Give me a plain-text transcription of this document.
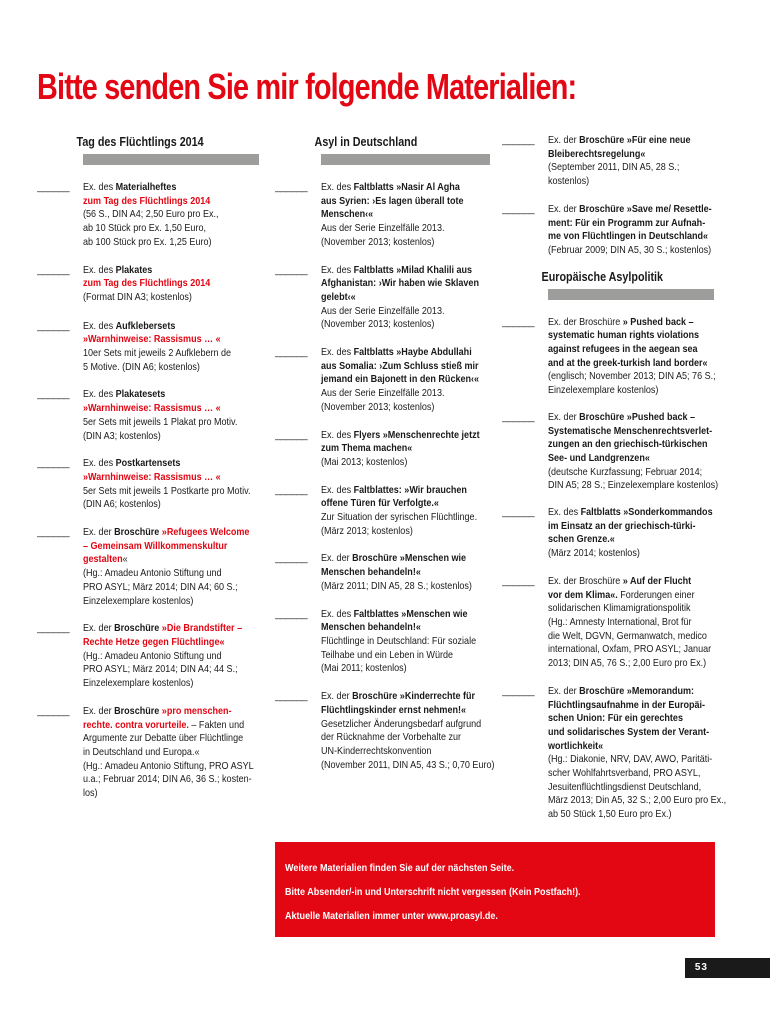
Bitte senden Sie mir folgende Materialien:
Tag des Flüchtlings 2014
______	Ex. des Materialheftes
zum Tag des Flüchtlings 2014
(56 S., DIN A4; 2,50 Euro pro Ex.,
ab 10 Stück pro Ex. 1,50 Euro,
ab 100 Stück pro Ex. 1,25 Euro)
______	Ex. des Plakates
zum Tag des Flüchtlings 2014
(Format DIN A3; kostenlos)
______	Ex. des Aufklebersets
»Warnhinweise: Rassismus … «
10er Sets mit jeweils 2 Aufklebern de
5 Motive. (DIN A6; kostenlos)
______	Ex. des Plakatesets
»Warnhinweise: Rassismus … «
5er Sets mit jeweils 1 Plakat pro Motiv.
(DIN A3; kostenlos)
______	Ex. des Postkartensets
»Warnhinweise: Rassismus … «
5er Sets mit jeweils 1 Postkarte pro Motiv.
(DIN A6; kostenlos)
______	Ex. der Broschüre »Refugees Welcome
– Gemeinsam Willkommenskultur
gestalten«
(Hg.: Amadeu Antonio Stiftung und
PRO ASYL; März 2014; DIN A4; 60 S.;
Einzelexemplare kostenlos)
______	Ex. der Broschüre »Die Brandstifter –
Rechte Hetze gegen Flüchtlinge«
(Hg.: Amadeu Antonio Stiftung und
PRO ASYL; März 2014; DIN A4; 44 S.;
Einzelexemplare kostenlos)
______	Ex. der Broschüre »pro menschen-
rechte. contra vorurteile. – Fakten und
Argumente zur Debatte über Flüchtlinge
in Deutschland und Europa.«
(Hg.: Amadeu Antonio Stiftung, PRO ASYL
u.a.; Februar 2014; DIN A6, 36 S.; kosten-
los)
Asyl in Deutschland
______	Ex. des Faltblatts »Nasir Al Agha
aus Syrien: ›Es lagen überall tote
Menschen‹«
Aus der Serie Einzelfälle 2013.
(November 2013; kostenlos)
______	Ex. des Faltblatts »Milad Khalili aus
Afghanistan: ›Wir haben wie Sklaven
gelebt‹«
Aus der Serie Einzelfälle 2013.
(November 2013; kostenlos)
______	Ex. des Faltblatts »Haybe Abdullahi
aus Somalia: ›Zum Schluss stieß mir
jemand ein Bajonett in den Rücken‹«
Aus der Serie Einzelfälle 2013.
(November 2013; kostenlos)
______	Ex. des Flyers »Menschenrechte jetzt
zum Thema machen«
(Mai 2013; kostenlos)
______	Ex. des Faltblattes: »Wir brauchen
offene Türen für Verfolgte.«
Zur Situation der syrischen Flüchtlinge.
(März 2013; kostenlos)
______	Ex. der Broschüre »Menschen wie
Menschen behandeln!«
(März 2011; DIN A5, 28 S.; kostenlos)
______	Ex. des Faltblattes »Menschen wie
Menschen behandeln!«
Flüchtlinge in Deutschland: Für soziale
Teilhabe und ein Leben in Würde
(Mai 2011; kostenlos)
______	Ex. der Broschüre »Kinderrechte für
Flüchtlingskinder ernst nehmen!«
Gesetzlicher Änderungsbedarf aufgrund
der Rücknahme der Vorbehalte zur
UN-Kinderrechtskonvention
(November 2011, DIN A5, 43 S.; 0,70 Euro)
______	Ex. der Broschüre »Für eine neue
Bleiberechtsregelung«
(September 2011, DIN A5, 28 S.;
kostenlos)
______	Ex. der Broschüre »Save me/ Resettle-
ment: Für ein Programm zur Aufnah-
me von Flüchtlingen in Deutschland«
(Februar 2009; DIN A5, 30 S.; kostenlos)
Europäische Asylpolitik
______	Ex. der Broschüre » Pushed back –
systematic human rights violations
against refugees in the aegean sea
and at the greek-turkish land border«
(englisch; November 2013; DIN A5; 76 S.;
Einzelexemplare kostenlos)
______	Ex. der Broschüre »Pushed back –
Systematische Menschenrechtsverlet-
zungen an den griechisch-türkischen
See- und Landgrenzen«
(deutsche Kurzfassung; Februar 2014;
DIN A5; 28 S.; Einzelexemplare kostenlos)
______	Ex. des Faltblatts »Sonderkommandos
im Einsatz an der griechisch-türki-
schen Grenze.«
(März 2014; kostenlos)
______	Ex. der Broschüre » Auf der Flucht
vor dem Klima«. Forderungen einer
solidarischen Klimamigrationspolitik
(Hg.: Amnesty International, Brot für
die Welt, DGVN, Germanwatch, medico
international, Oxfam, PRO ASYL; Januar
2013; DIN A5, 76 S.; 2,00 Euro pro Ex.)
______	Ex. der Broschüre »Memorandum:
Flüchtlingsaufnahme in der Europäi-
schen Union: Für ein gerechtes
und solidarisches System der Verant-
wortlichkeit«
(Hg.: Diakonie, NRV, DAV, AWO, Paritäti-
scher Wohlfahrtsverband, PRO ASYL,
Jesuitenflüchtlingsdienst Deutschland,
März 2013; Din A5, 32 S.; 2,00 Euro pro Ex.,
ab 50 Stück 1,50 Euro pro Ex.)
Weitere Materialien finden Sie auf der nächsten Seite.
Bitte Absender/-in und Unterschrift nicht vergessen (Kein Postfach!).
Aktuelle Materialien immer unter www.proasyl.de.
53
